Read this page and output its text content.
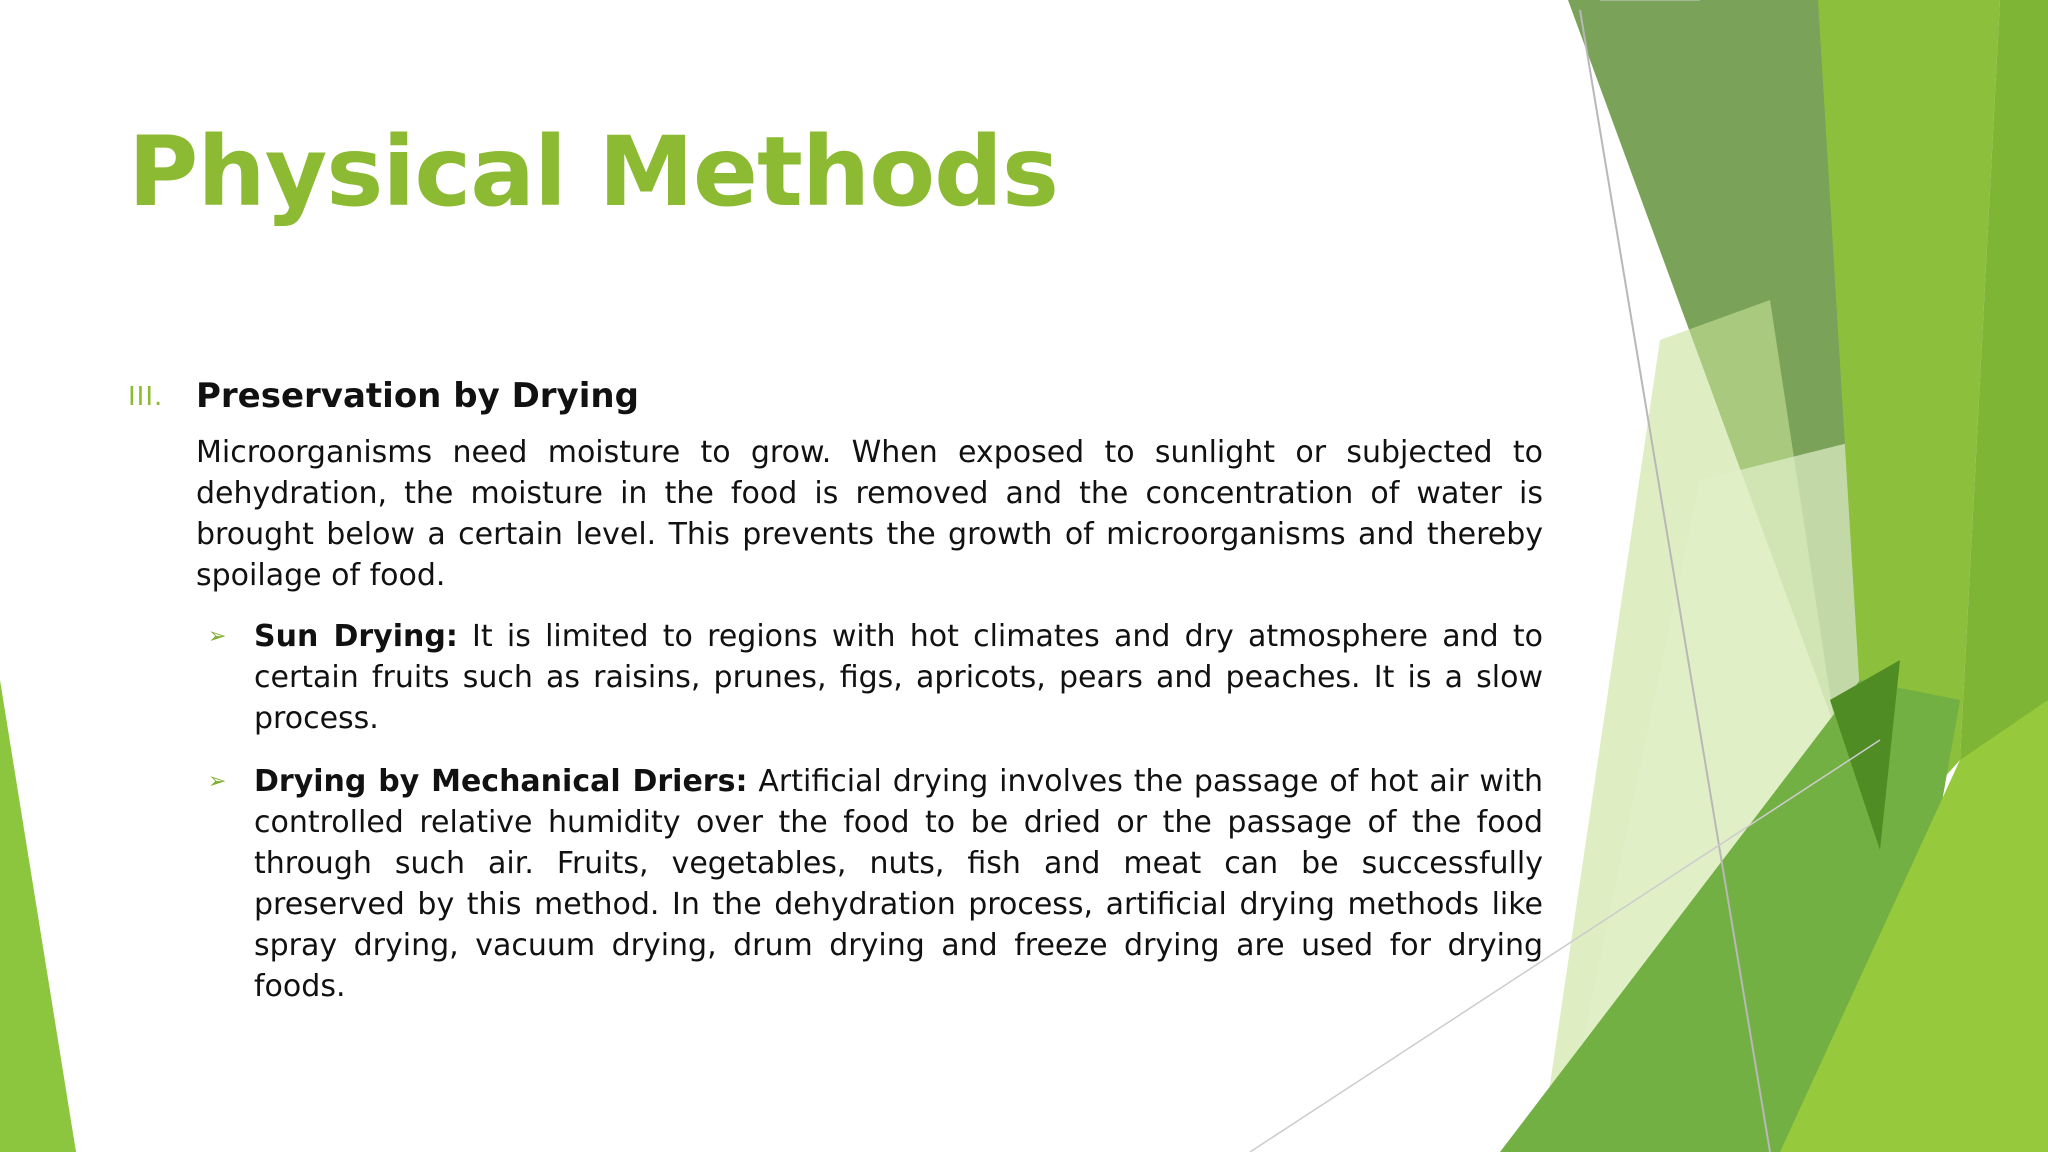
Physical Methods
III. Preservation by Drying

Microorganisms need moisture to grow. When exposed to sunlight or subjected to dehydration, the moisture in the food is removed and the concentration of water is brought below a certain level. This prevents the growth of microorganisms and thereby spoilage of food.

➢ Sun Drying: It is limited to regions with hot climates and dry atmosphere and to certain fruits such as raisins, prunes, figs, apricots, pears and peaches. It is a slow process.
➢ Drying by Mechanical Driers: Artificial drying involves the passage of hot air with controlled relative humidity over the food to be dried or the passage of the food through such air. Fruits, vegetables, nuts, fish and meat can be successfully preserved by this method. In the dehydration process, artificial drying methods like spray drying, vacuum drying, drum drying and freeze drying are used for drying foods.
